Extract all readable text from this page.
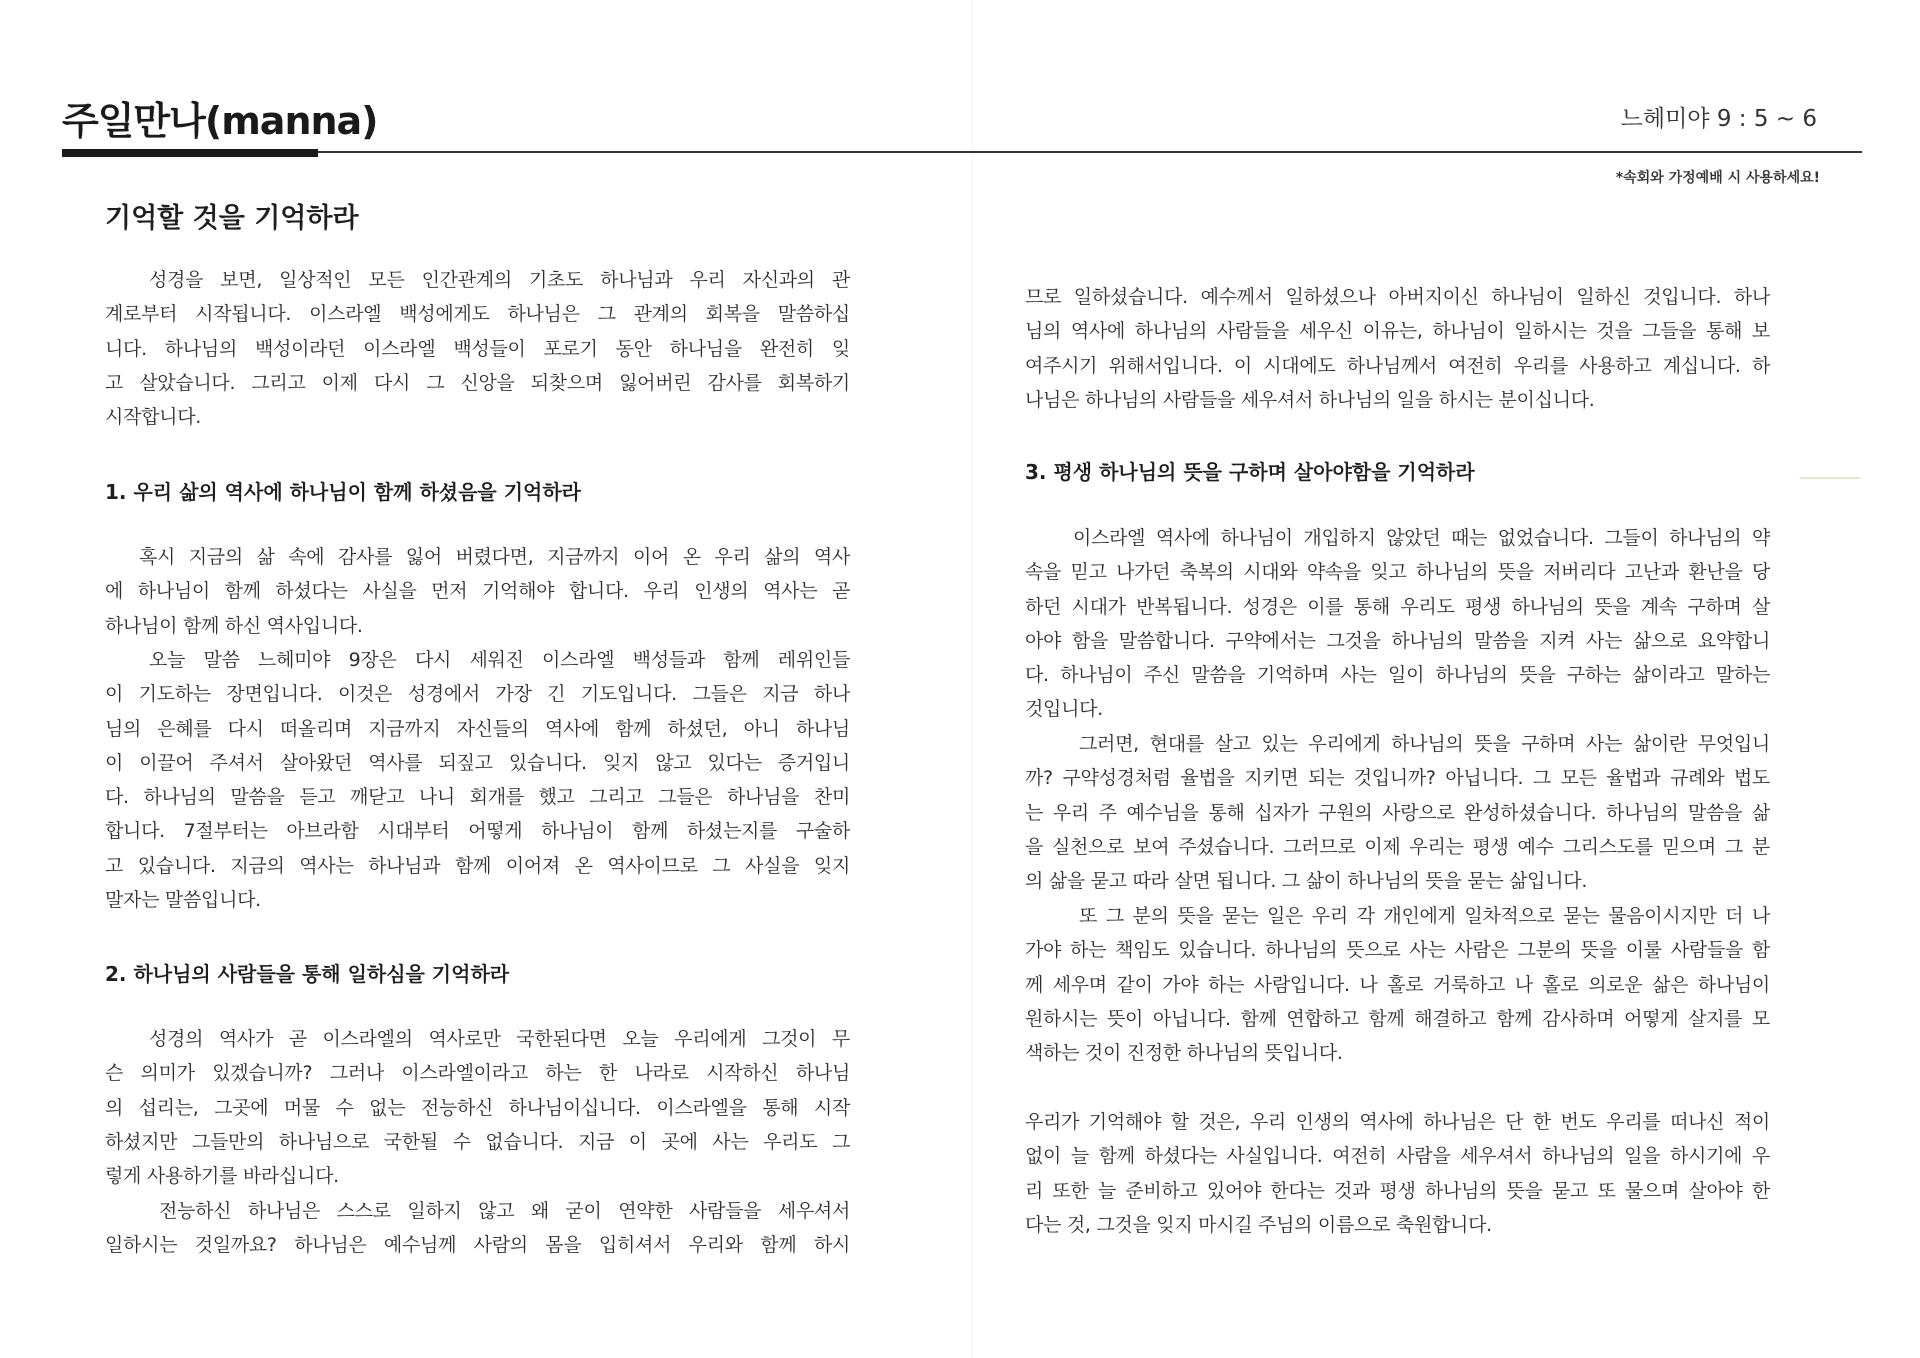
주일만나(manna)	느헤미야 9 : 5 ~ 6
*속회와 가정예배 시 사용하세요!
기억할 것을 기억하라
성경을 보면, 일상적인 모든 인간관계의 기초도 하나님과 우리 자신과의 관
계로부터 시작됩니다. 이스라엘 백성에게도 하나님은 그 관계의 회복을 말씀하십
니다. 하나님의 백성이라던 이스라엘 백성들이 포로기 동안 하나님을 완전히 잊
고 살았습니다. 그리고 이제 다시 그 신앙을 되찾으며 잃어버린 감사를 회복하기
시작합니다.
1. 우리 삶의 역사에 하나님이 함께 하셨음을 기억하라
혹시 지금의 삶 속에 감사를 잃어 버렸다면, 지금까지 이어 온 우리 삶의 역사
에 하나님이 함께 하셨다는 사실을 먼저 기억해야 합니다. 우리 인생의 역사는 곧
하나님이 함께 하신 역사입니다.
오늘 말씀 느헤미야 9장은 다시 세워진 이스라엘 백성들과 함께 레위인들
이 기도하는 장면입니다. 이것은 성경에서 가장 긴 기도입니다. 그들은 지금 하나
님의 은혜를 다시 떠올리며 지금까지 자신들의 역사에 함께 하셨던, 아니 하나님
이 이끌어 주셔서 살아왔던 역사를 되짚고 있습니다. 잊지 않고 있다는 증거입니
다. 하나님의 말씀을 듣고 깨닫고 나니 회개를 했고 그리고 그들은 하나님을 찬미
합니다. 7절부터는 아브라함 시대부터 어떻게 하나님이 함께 하셨는지를 구술하
고 있습니다. 지금의 역사는 하나님과 함께 이어져 온 역사이므로 그 사실을 잊지
말자는 말씀입니다.
2. 하나님의 사람들을 통해 일하심을 기억하라
성경의 역사가 곧 이스라엘의 역사로만 국한된다면 오늘 우리에게 그것이 무
슨 의미가 있겠습니까? 그러나 이스라엘이라고 하는 한 나라로 시작하신 하나님
의 섭리는, 그곳에 머물 수 없는 전능하신 하나님이십니다. 이스라엘을 통해 시작
하셨지만 그들만의 하나님으로 국한될 수 없습니다. 지금 이 곳에 사는 우리도 그
렇게 사용하기를 바라십니다.
전능하신 하나님은 스스로 일하지 않고 왜 굳이 연약한 사람들을 세우셔서
일하시는 것일까요? 하나님은 예수님께 사람의 몸을 입히셔서 우리와 함께 하시
므로 일하셨습니다. 예수께서 일하셨으나 아버지이신 하나님이 일하신 것입니다. 하나
님의 역사에 하나님의 사람들을 세우신 이유는, 하나님이 일하시는 것을 그들을 통해 보
여주시기 위해서입니다. 이 시대에도 하나님께서 여전히 우리를 사용하고 계십니다. 하
나님은 하나님의 사람들을 세우셔서 하나님의 일을 하시는 분이십니다.
3. 평생 하나님의 뜻을 구하며 살아야함을 기억하라
이스라엘 역사에 하나님이 개입하지 않았던 때는 없었습니다. 그들이 하나님의 약
속을 믿고 나가던 축복의 시대와 약속을 잊고 하나님의 뜻을 저버리다 고난과 환난을 당
하던 시대가 반복됩니다. 성경은 이를 통해 우리도 평생 하나님의 뜻을 계속 구하며 살
아야 함을 말씀합니다. 구약에서는 그것을 하나님의 말씀을 지켜 사는 삶으로 요약합니
다. 하나님이 주신 말씀을 기억하며 사는 일이 하나님의 뜻을 구하는 삶이라고 말하는
것입니다.
그러면, 현대를 살고 있는 우리에게 하나님의 뜻을 구하며 사는 삶이란 무엇입니
까? 구약성경처럼 율법을 지키면 되는 것입니까? 아닙니다. 그 모든 율법과 규례와 법도
는 우리 주 예수님을 통해 십자가 구원의 사랑으로 완성하셨습니다. 하나님의 말씀을 삶
을 실천으로 보여 주셨습니다. 그러므로 이제 우리는 평생 예수 그리스도를 믿으며 그 분
의 삶을 묻고 따라 살면 됩니다. 그 삶이 하나님의 뜻을 묻는 삶입니다.
또 그 분의 뜻을 묻는 일은 우리 각 개인에게 일차적으로 묻는 물음이시지만 더 나
가야 하는 책임도 있습니다. 하나님의 뜻으로 사는 사람은 그분의 뜻을 이룰 사람들을 함
께 세우며 같이 가야 하는 사람입니다. 나 홀로 거룩하고 나 홀로 의로운 삶은 하나님이
원하시는 뜻이 아닙니다. 함께 연합하고 함께 해결하고 함께 감사하며 어떻게 살지를 모
색하는 것이 진정한 하나님의 뜻입니다.
우리가 기억해야 할 것은, 우리 인생의 역사에 하나님은 단 한 번도 우리를 떠나신 적이
없이 늘 함께 하셨다는 사실입니다. 여전히 사람을 세우셔서 하나님의 일을 하시기에 우
리 또한 늘 준비하고 있어야 한다는 것과 평생 하나님의 뜻을 묻고 또 물으며 살아야 한
다는 것, 그것을 잊지 마시길 주님의 이름으로 축원합니다.
